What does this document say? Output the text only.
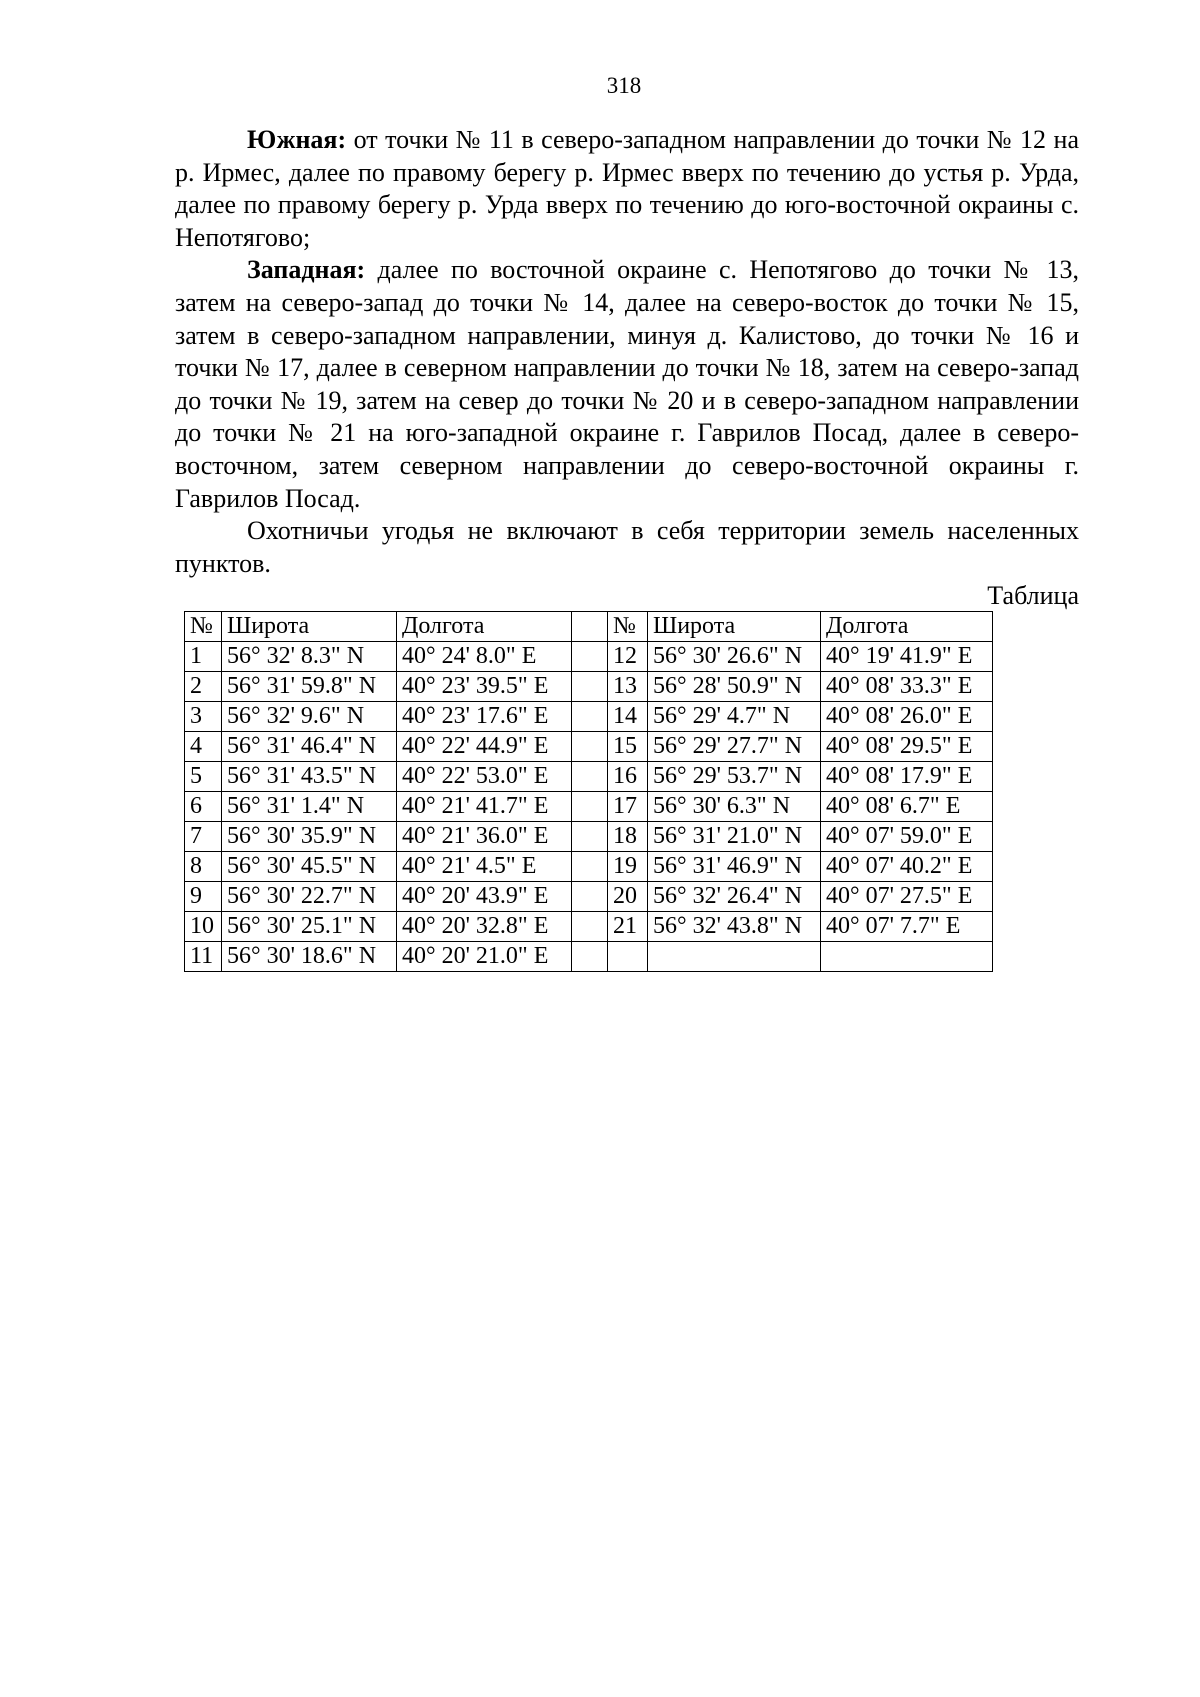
318

Южная: от точки № 11 в северо-западном направлении до точки № 12 на р. Ирмес, далее по правому берегу р. Ирмес вверх по течению до устья р. Урда, далее по правому берегу р. Урда вверх по течению до юго-восточной окраины с. Непотягово;

Западная: далее по восточной окраине с. Непотягово до точки № 13, затем на северо-запад до точки № 14, далее на северо-восток до точки № 15, затем в северо-западном направлении, минуя д. Калистово, до точки № 16 и точки № 17, далее в северном направлении до точки № 18, затем на северо-запад до точки № 19, затем на север до точки № 20 и в северо-западном направлении до точки № 21 на юго-западной окраине г. Гаврилов Посад, далее в северо-восточном, затем северном направлении до северо-восточной окраины г. Гаврилов Посад.

Охотничьи угодья не включают в себя территории земель населенных пунктов.

Таблица
№	Широта	Долгота		№	Широта	Долгота
1	56° 32' 8.3" N	40° 24' 8.0" E		12	56° 30' 26.6" N	40° 19' 41.9" E
2	56° 31' 59.8" N	40° 23' 39.5" E		13	56° 28' 50.9" N	40° 08' 33.3" E
3	56° 32' 9.6" N	40° 23' 17.6" E		14	56° 29' 4.7" N	40° 08' 26.0" E
4	56° 31' 46.4" N	40° 22' 44.9" E		15	56° 29' 27.7" N	40° 08' 29.5" E
5	56° 31' 43.5" N	40° 22' 53.0" E		16	56° 29' 53.7" N	40° 08' 17.9" E
6	56° 31' 1.4" N	40° 21' 41.7" E		17	56° 30' 6.3" N	40° 08' 6.7" E
7	56° 30' 35.9" N	40° 21' 36.0" E		18	56° 31' 21.0" N	40° 07' 59.0" E
8	56° 30' 45.5" N	40° 21' 4.5" E		19	56° 31' 46.9" N	40° 07' 40.2" E
9	56° 30' 22.7" N	40° 20' 43.9" E		20	56° 32' 26.4" N	40° 07' 27.5" E
10	56° 30' 25.1" N	40° 20' 32.8" E		21	56° 32' 43.8" N	40° 07' 7.7" E
11	56° 30' 18.6" N	40° 20' 21.0" E				
